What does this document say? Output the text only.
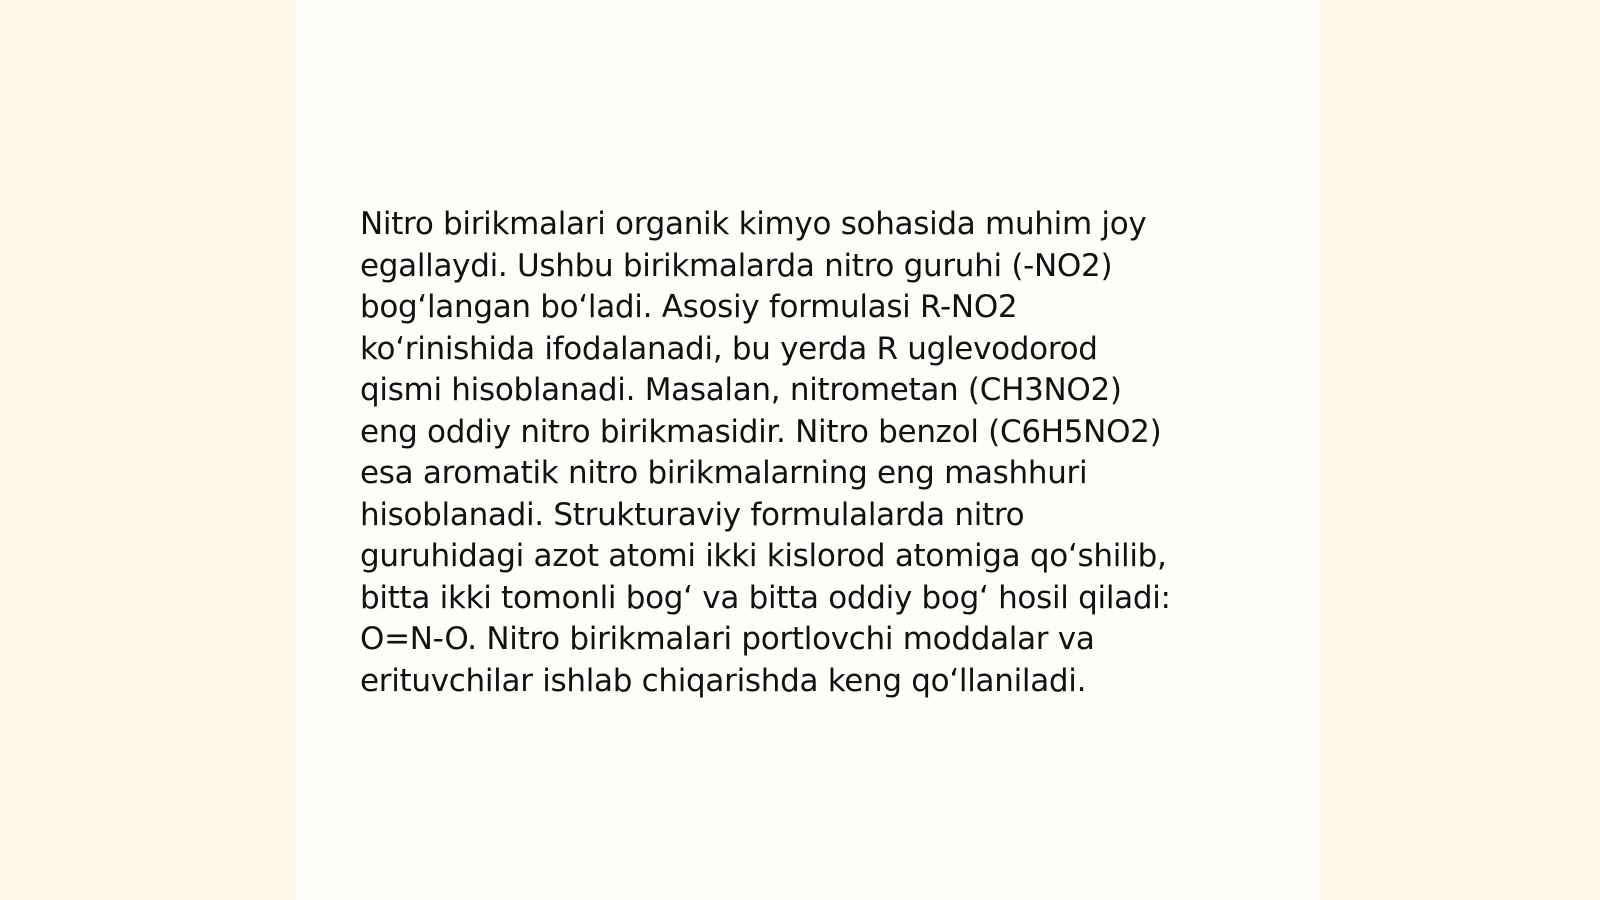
Nitro birikmalari organik kimyo sohasida muhim joy
egallaydi. Ushbu birikmalarda nitro guruhi (-NO2)
bog‘langan bo‘ladi. Asosiy formulasi R-NO2
ko‘rinishida ifodalanadi, bu yerda R uglevodorod
qismi hisoblanadi. Masalan, nitrometan (CH3NO2)
eng oddiy nitro birikmasidir. Nitro benzol (C6H5NO2)
esa aromatik nitro birikmalarning eng mashhuri
hisoblanadi. Strukturaviy formulalarda nitro
guruhidagi azot atomi ikki kislorod atomiga qo‘shilib,
bitta ikki tomonli bog‘ va bitta oddiy bog‘ hosil qiladi:
O=N-O. Nitro birikmalari portlovchi moddalar va
erituvchilar ishlab chiqarishda keng qo‘llaniladi.
